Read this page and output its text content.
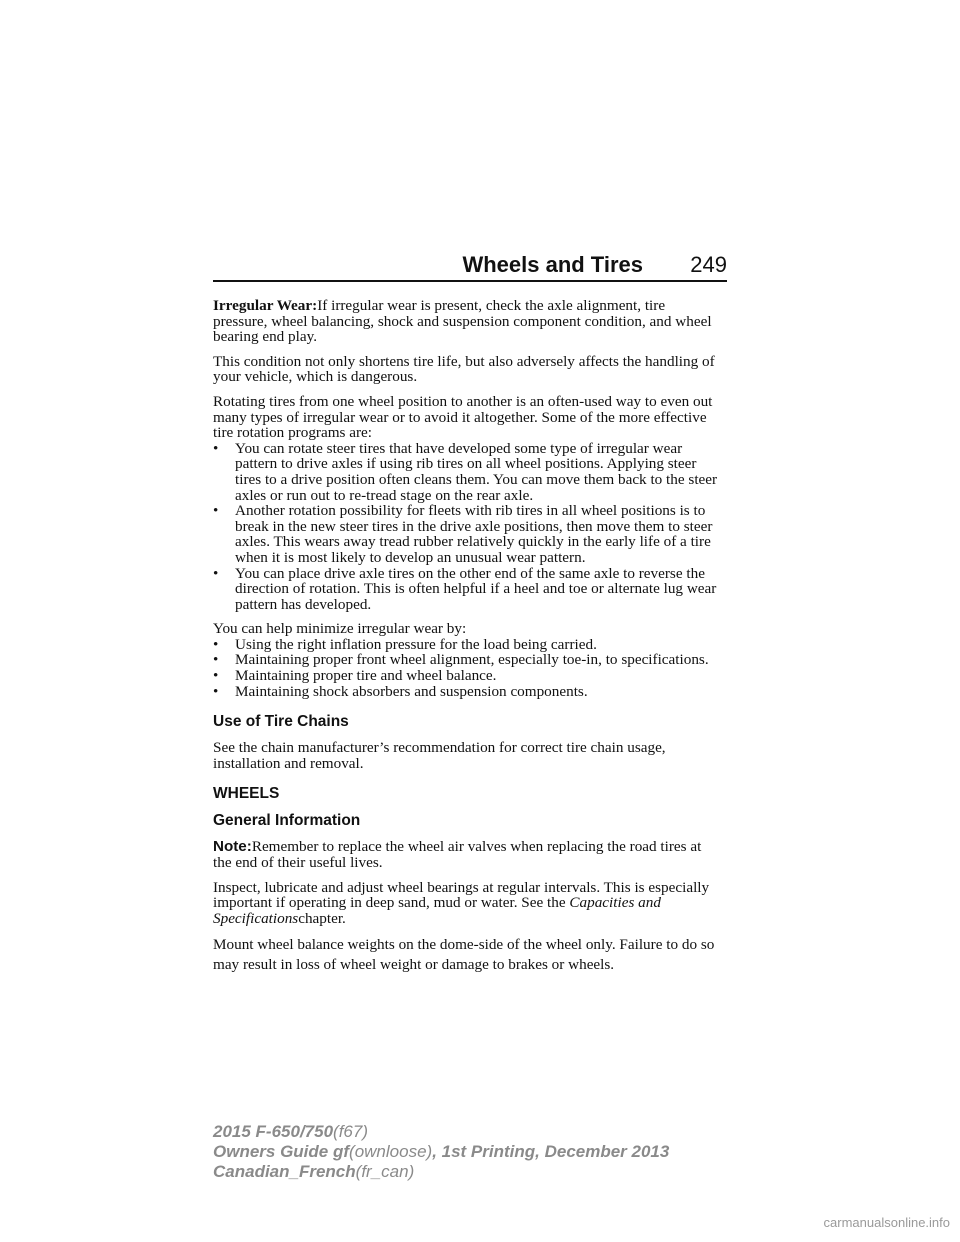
Wheels and Tires 249

Irregular Wear:If irregular wear is present, check the axle alignment, tire pressure, wheel balancing, shock and suspension component condition, and wheel bearing end play.

This condition not only shortens tire life, but also adversely affects the handling of your vehicle, which is dangerous.

Rotating tires from one wheel position to another is an often-used way to even out many types of irregular wear or to avoid it altogether. Some of the more effective tire rotation programs are:

•	You can rotate steer tires that have developed some type of irregular wear pattern to drive axles if using rib tires on all wheel positions. Applying steer tires to a drive position often cleans them. You can move them back to the steer axles or run out to re-tread stage on the rear axle.
•	Another rotation possibility for fleets with rib tires in all wheel positions is to break in the new steer tires in the drive axle positions, then move them to steer axles. This wears away tread rubber relatively quickly in the early life of a tire when it is most likely to develop an unusual wear pattern.
•	You can place drive axle tires on the other end of the same axle to reverse the direction of rotation. This is often helpful if a heel and toe or alternate lug wear pattern has developed.

You can help minimize irregular wear by:

•	Using the right inflation pressure for the load being carried.
•	Maintaining proper front wheel alignment, especially toe-in, to specifications.
•	Maintaining proper tire and wheel balance.
•	Maintaining shock absorbers and suspension components.
Use of Tire Chains

See the chain manufacturer’s recommendation for correct tire chain usage, installation and removal.

WHEELS
General Information

Note:Remember to replace the wheel air valves when replacing the road tires at the end of their useful lives.

Inspect, lubricate and adjust wheel bearings at regular intervals. This is especially important if operating in deep sand, mud or water. See the Capacities and Specificationschapter.

Mount wheel balance weights on the dome-side of the wheel only. Failure to do so may result in loss of wheel weight or damage to brakes or wheels.

2015 F-650/750(f67)
Owners Guide gf(ownloose), 1st Printing, December 2013
Canadian_French(fr_can)
carmanualsonline.info
